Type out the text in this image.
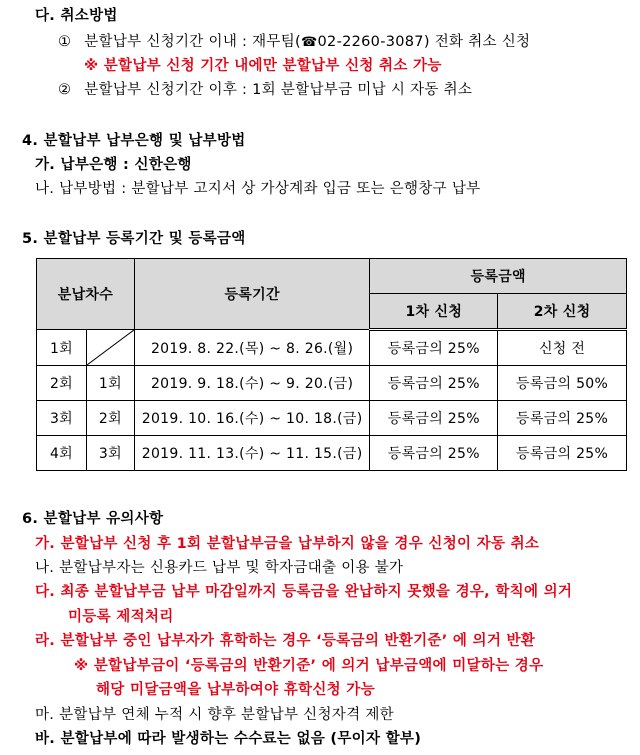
다. 취소방법
① 분할납부 신청기간 이내 : 재무팀(☎02-2260-3087) 전화 취소 신청
※ 분할납부 신청 기간 내에만 분할납부 신청 취소 가능
② 분할납부 신청기간 이후 : 1회 분할납부금 미납 시 자동 취소
4. 분할납부 납부은행 및 납부방법
가. 납부은행 : 신한은행
나. 납부방법 : 분할납부 고지서 상 가상계좌 입금 또는 은행창구 납부
5. 분할납부 등록기간 및 등록금액
분납차수		등록기간	등록금액	
			1차 신청	2차 신청
1회		2019. 8. 22.(목) ~ 8. 26.(월)	등록금의 25%	신청 전
2회	1회	2019. 9. 18.(수) ~ 9. 20.(금)	등록금의 25%	등록금의 50%
3회	2회	2019. 10. 16.(수) ~ 10. 18.(금)	등록금의 25%	등록금의 25%
4회	3회	2019. 11. 13.(수) ~ 11. 15.(금)	등록금의 25%	등록금의 25%
6. 분할납부 유의사항
가. 분할납부 신청 후 1회 분할납부금을 납부하지 않을 경우 신청이 자동 취소
나. 분할납부자는 신용카드 납부 및 학자금대출 이용 불가
다. 최종 분할납부금 납부 마감일까지 등록금을 완납하지 못했을 경우, 학칙에 의거
미등록 제적처리
라. 분할납부 중인 납부자가 휴학하는 경우 ‘등록금의 반환기준’ 에 의거 반환
※ 분할납부금이 ‘등록금의 반환기준’ 에 의거 납부금액에 미달하는 경우
해당 미달금액을 납부하여야 휴학신청 가능
마. 분할납부 연체 누적 시 향후 분할납부 신청자격 제한
바. 분할납부에 따라 발생하는 수수료는 없음 (무이자 할부)
